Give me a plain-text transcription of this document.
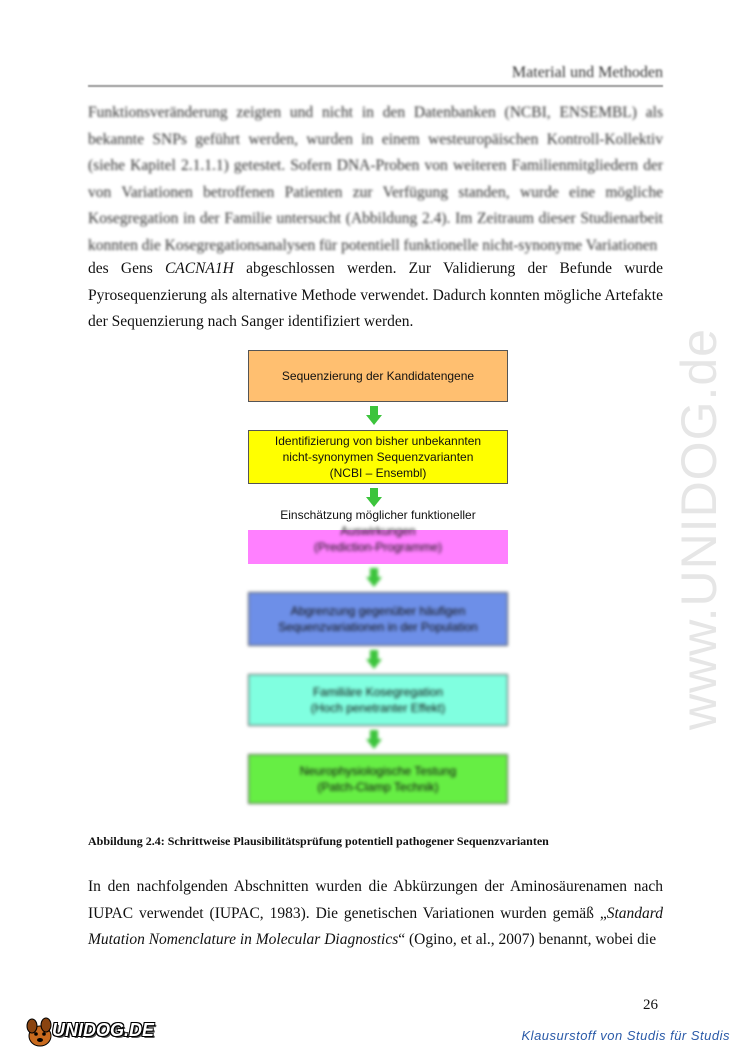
Material und Methoden
Funktionsveränderung zeigten und nicht in den Datenbanken (NCBI, ENSEMBL) als bekannte SNPs geführt werden, wurden in einem westeuropäischen Kontroll-Kollektiv (siehe Kapitel 2.1.1.1) getestet. Sofern DNA-Proben von weiteren Familienmitgliedern der von Variationen betroffenen Patienten zur Verfügung standen, wurde eine mögliche Kosegregation in der Familie untersucht (Abbildung 2.4). Im Zeitraum dieser Studienarbeit konnten die Kosegregationsanalysen für potentiell funktionelle nicht-synonyme Variationen
des Gens CACNA1H abgeschlossen werden. Zur Validierung der Befunde wurde Pyrosequenzierung als alternative Methode verwendet. Dadurch konnten mögliche Artefakte der Sequenzierung nach Sanger identifiziert werden.
www.UNIDOG.de
Sequenzierung der Kandidatengene
Identifizierung von bisher unbekannten
nicht-synonymen Sequenzvarianten
(NCBI – Ensembl)
Einschätzung möglicher funktioneller
Auswirkungen
(Prediction-Programme)
Abgrenzung gegenüber häufigen
Sequenzvariationen in der Population
Familiäre Kosegregation
(Hoch penetranter Effekt)
Neurophysiologische Testung
(Patch-Clamp Technik)
Abbildung 2.4: Schrittweise Plausibilitätsprüfung potentiell pathogener Sequenzvarianten
In den nachfolgenden Abschnitten wurden die Abkürzungen der Aminosäurenamen nach IUPAC verwendet (IUPAC, 1983). Die genetischen Variationen wurden gemäß „Standard Mutation Nomenclature in Molecular Diagnostics“ (Ogino, et al., 2007) benannt, wobei die
26
UNIDOG.DE	Klausurstoff von Studis für Studis
